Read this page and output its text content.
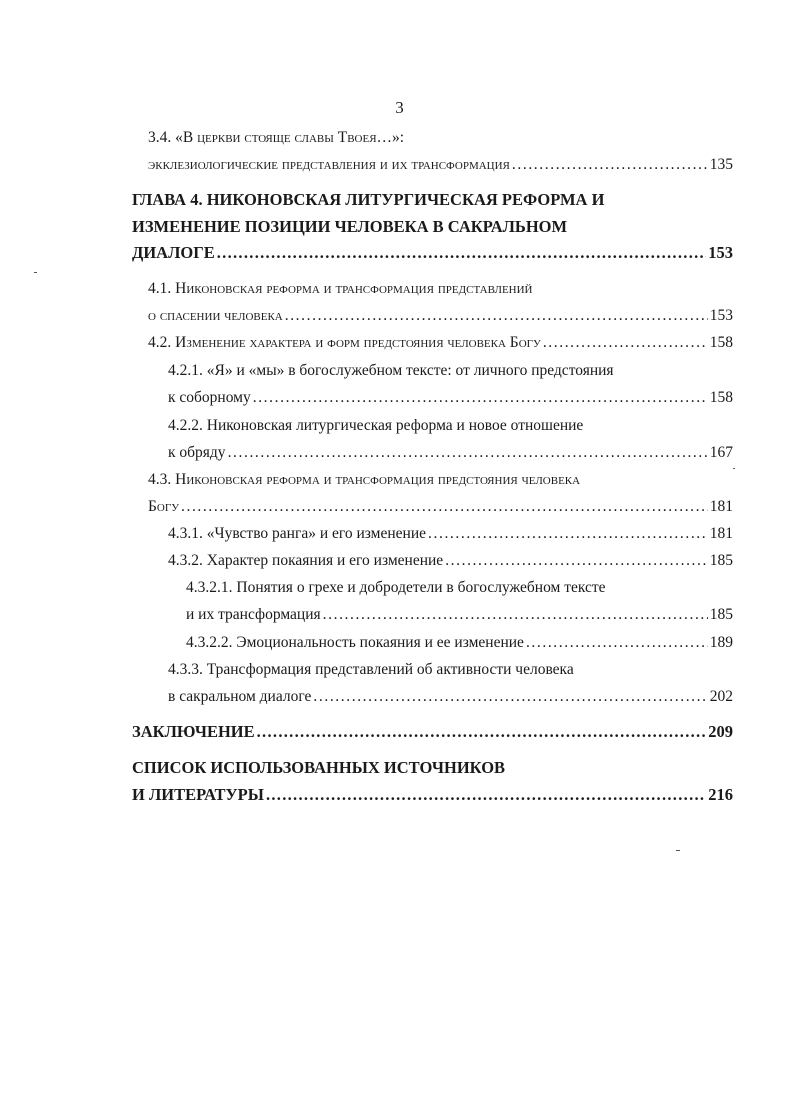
3
3.4. «В церкви стояще славы Твоея…»:
экклезиологические представления и их трансформация .....	135
ГЛАВА 4. НИКОНОВСКАЯ ЛИТУРГИЧЕСКАЯ РЕФОРМА И
ИЗМЕНЕНИЕ ПОЗИЦИИ ЧЕЛОВЕКА В САКРАЛЬНОМ
ДИАЛОГЕ .....	153
4.1. Никоновская реформа и трансформация представлений
о спасении человека .....	153
4.2. Изменение характера и форм предстояния человека Богу .....	158
4.2.1. «Я» и «мы» в богослужебном тексте: от личного предстояния
к соборному .....	158
4.2.2. Никоновская литургическая реформа и новое отношение
к обряду .....	167
4.3. Никоновская реформа и трансформация предстояния человека
Богу .....	181
4.3.1. «Чувство ранга» и его изменение .....	181
4.3.2. Характер покаяния и его изменение .....	185
4.3.2.1. Понятия о грехе и добродетели в богослужебном тексте
и их трансформация .....	185
4.3.2.2. Эмоциональность покаяния и ее изменение .....	189
4.3.3. Трансформация представлений об активности человека
в сакральном диалоге .....	202
ЗАКЛЮЧЕНИЕ .....	209
СПИСОК ИСПОЛЬЗОВАННЫХ ИСТОЧНИКОВ
И ЛИТЕРАТУРЫ .....	216
